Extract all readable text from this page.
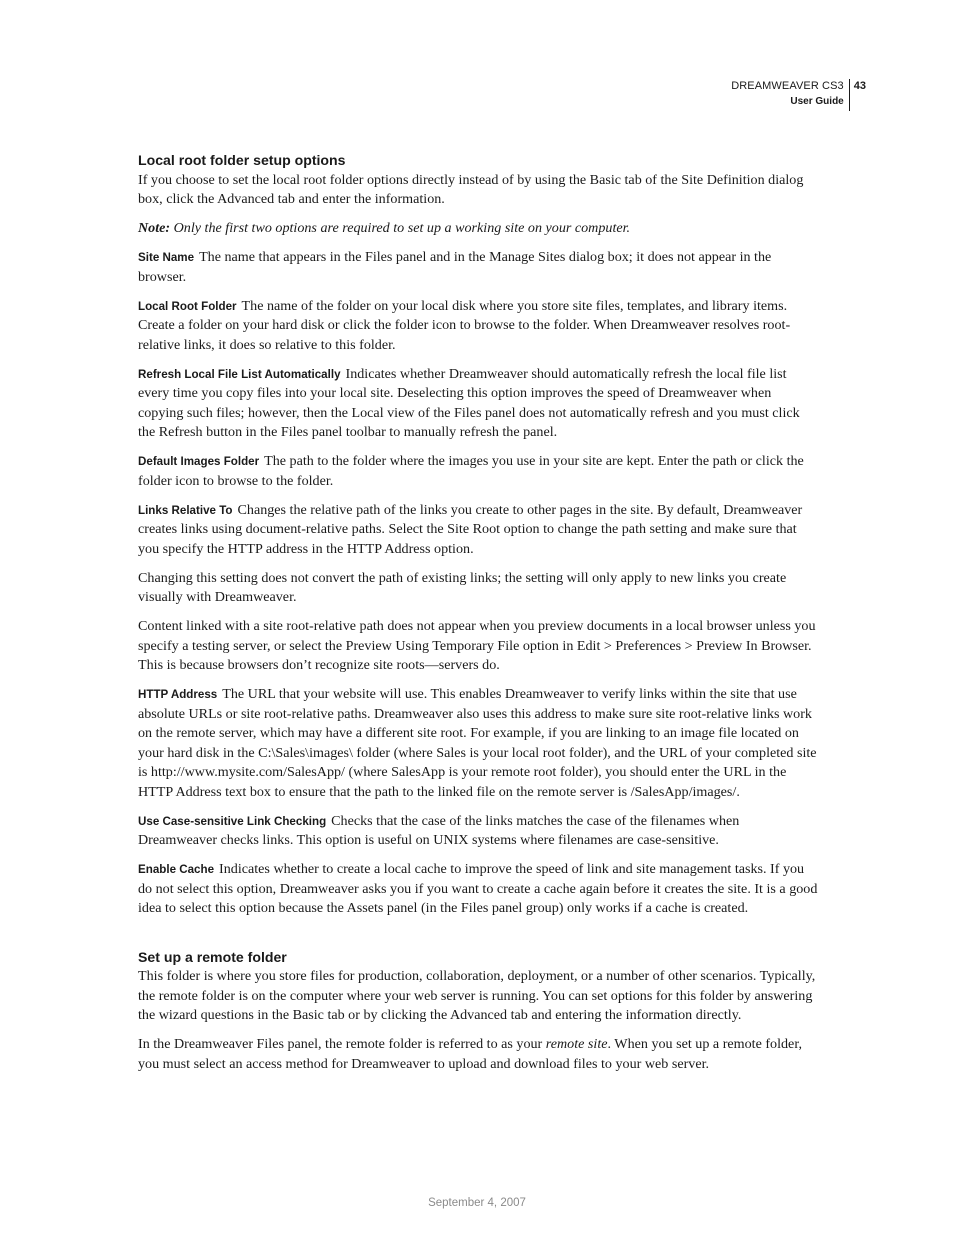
DREAMWEAVER CS3
User Guide
43

Local root folder setup options

If you choose to set the local root folder options directly instead of by using the Basic tab of the Site Definition dialog box, click the Advanced tab and enter the information.

Note: Only the first two options are required to set up a working site on your computer.

Site Name The name that appears in the Files panel and in the Manage Sites dialog box; it does not appear in the browser.

Local Root Folder The name of the folder on your local disk where you store site files, templates, and library items. Create a folder on your hard disk or click the folder icon to browse to the folder. When Dreamweaver resolves root-relative links, it does so relative to this folder.

Refresh Local File List Automatically Indicates whether Dreamweaver should automatically refresh the local file list every time you copy files into your local site. Deselecting this option improves the speed of Dreamweaver when copying such files; however, then the Local view of the Files panel does not automatically refresh and you must click the Refresh button in the Files panel toolbar to manually refresh the panel.

Default Images Folder The path to the folder where the images you use in your site are kept. Enter the path or click the folder icon to browse to the folder.

Links Relative To Changes the relative path of the links you create to other pages in the site. By default, Dreamweaver creates links using document-relative paths. Select the Site Root option to change the path setting and make sure that you specify the HTTP address in the HTTP Address option.

Changing this setting does not convert the path of existing links; the setting will only apply to new links you create visually with Dreamweaver.

Content linked with a site root-relative path does not appear when you preview documents in a local browser unless you specify a testing server, or select the Preview Using Temporary File option in Edit > Preferences > Preview In Browser. This is because browsers don’t recognize site roots—servers do.

HTTP Address The URL that your website will use. This enables Dreamweaver to verify links within the site that use absolute URLs or site root-relative paths. Dreamweaver also uses this address to make sure site root-relative links work on the remote server, which may have a different site root. For example, if you are linking to an image file located on your hard disk in the C:\Sales\images\ folder (where Sales is your local root folder), and the URL of your completed site is http://www.mysite.com/SalesApp/ (where SalesApp is your remote root folder), you should enter the URL in the HTTP Address text box to ensure that the path to the linked file on the remote server is /SalesApp/images/.

Use Case-sensitive Link Checking Checks that the case of the links matches the case of the filenames when Dreamweaver checks links. This option is useful on UNIX systems where filenames are case-sensitive.

Enable Cache Indicates whether to create a local cache to improve the speed of link and site management tasks. If you do not select this option, Dreamweaver asks you if you want to create a cache again before it creates the site. It is a good idea to select this option because the Assets panel (in the Files panel group) only works if a cache is created.

Set up a remote folder

This folder is where you store files for production, collaboration, deployment, or a number of other scenarios. Typically, the remote folder is on the computer where your web server is running. You can set options for this folder by answering the wizard questions in the Basic tab or by clicking the Advanced tab and entering the information directly.

In the Dreamweaver Files panel, the remote folder is referred to as your remote site. When you set up a remote folder, you must select an access method for Dreamweaver to upload and download files to your web server.

September 4, 2007
